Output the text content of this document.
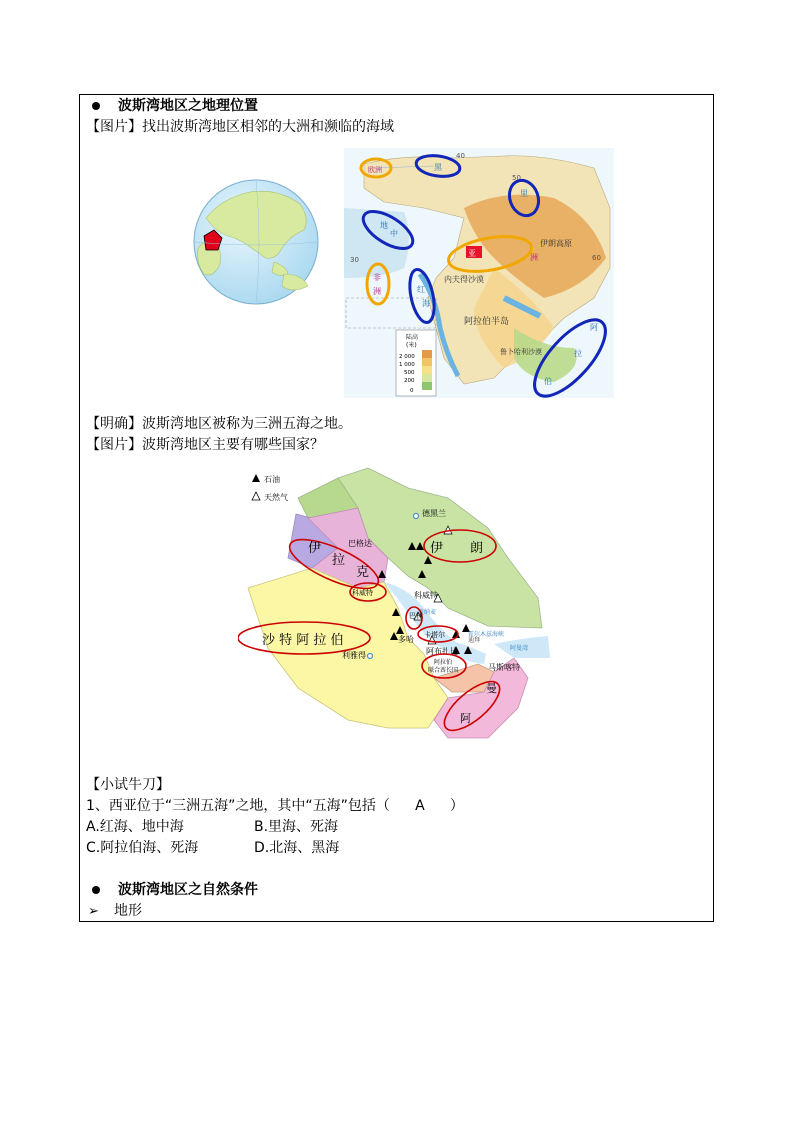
波斯湾地区之地理位置
【图片】找出波斯湾地区相邻的大洲和濒临的海域
30
40
50
60
欧洲	黑
里
地
中
亚	洲
伊朗高原
非
洲	红
海
内夫得沙漠
阿拉伯半岛
鲁卜哈利沙漠
阿
拉
伯
陆高
(米)
2 000
1 000
500
200
0
【明确】波斯湾地区被称为三洲五海之地。
【图片】波斯湾地区主要有哪些国家？
石油
天然气
德黑兰
巴格达
科威特
多哈
阿布扎比
利雅得
马斯喀特
霍尔木兹海峡
阿曼湾
麦纳麦
迪拜
伊
拉
克
伊 朗
科威特
巴林
卡塔尔
沙 特 阿 拉 伯
阿拉伯
联合酋长国
曼
阿
【小试牛刀】
1、西亚位于“三洲五海”之地，其中“五海”包括（ A ）
A.红海、地中海	B.里海、死海
C.阿拉伯海、死海	D.北海、黑海
波斯湾地区之自然条件
➢ 地形
